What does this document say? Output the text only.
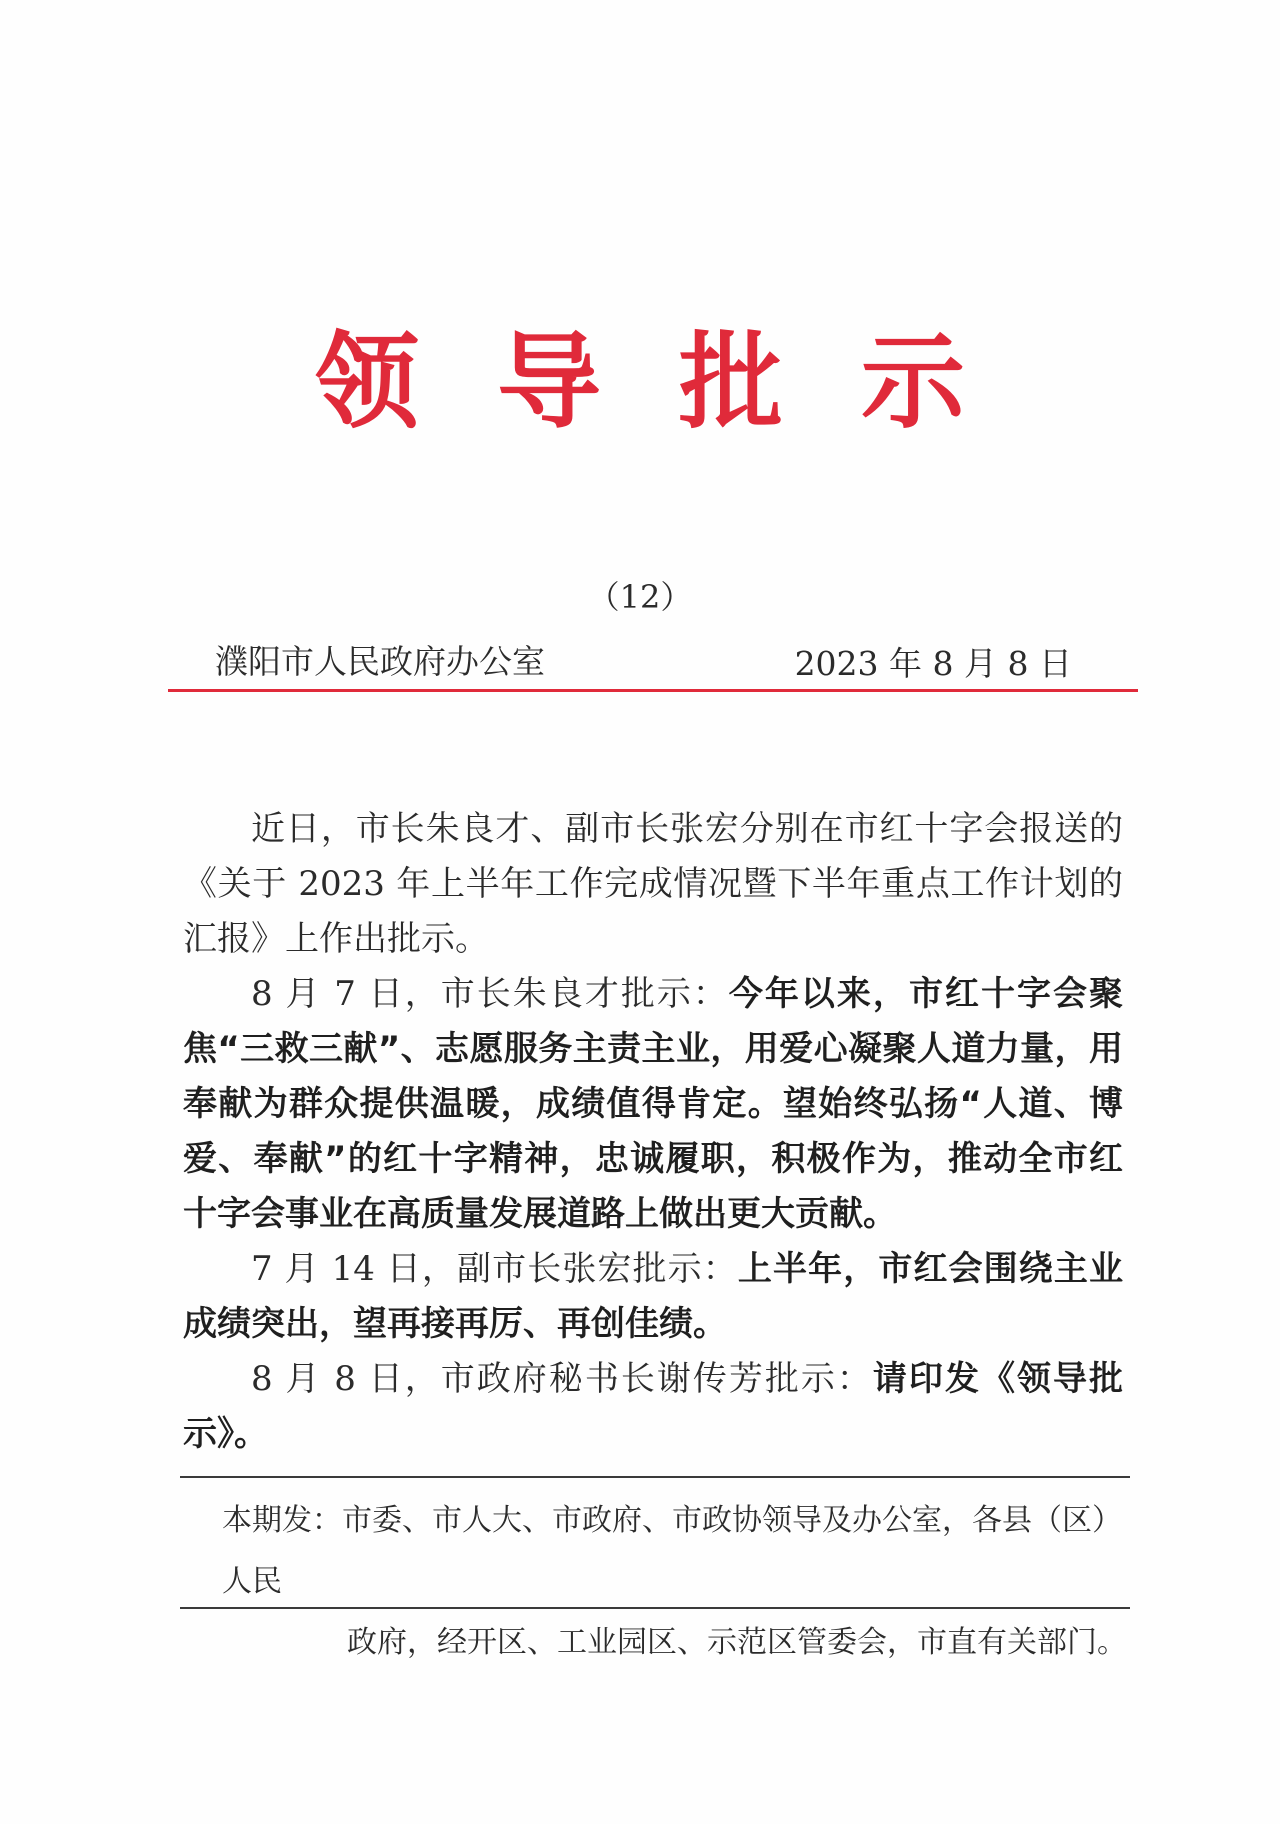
领导批示
（12）
濮阳市人民政府办公室	2023 年 8 月 8 日

近日，市长朱良才、副市长张宏分别在市红十字会报送的《关于 2023 年上半年工作完成情况暨下半年重点工作计划的汇报》上作出批示。

8 月 7 日，市长朱良才批示：今年以来，市红十字会聚焦“三救三献”、志愿服务主责主业，用爱心凝聚人道力量，用奉献为群众提供温暖，成绩值得肯定。望始终弘扬“人道、博爱、奉献”的红十字精神，忠诚履职，积极作为，推动全市红十字会事业在高质量发展道路上做出更大贡献。

7 月 14 日，副市长张宏批示：上半年，市红会围绕主业成绩突出，望再接再厉、再创佳绩。

8 月 8 日，市政府秘书长谢传芳批示：请印发《领导批示》。

本期发：市委、市人大、市政府、市政协领导及办公室，各县（区）人民
政府，经开区、工业园区、示范区管委会，市直有关部门。
